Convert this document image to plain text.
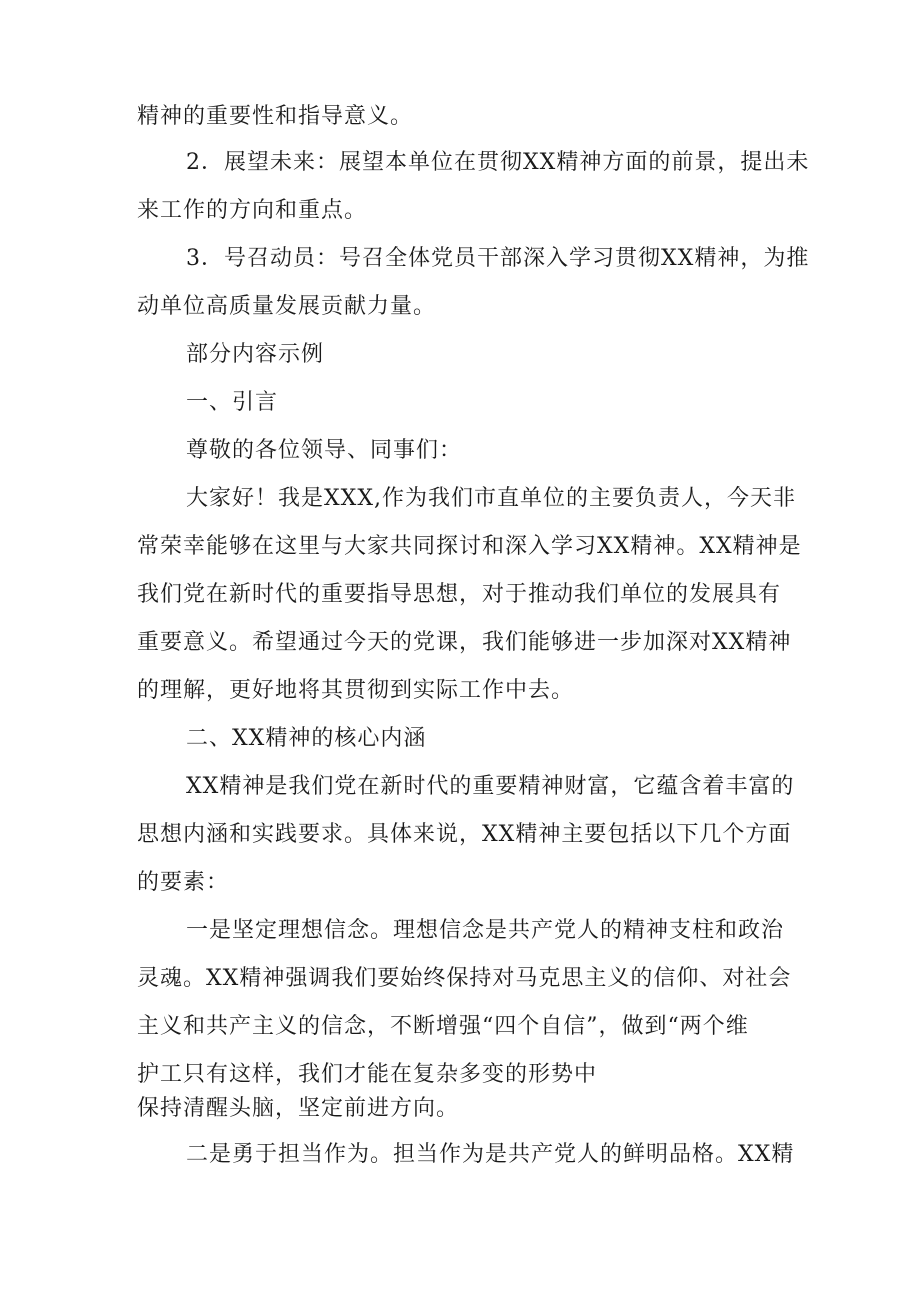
精神的重要性和指导意义。
2．展望未来：展望本单位在贯彻XX精神方面的前景，提出未
来工作的方向和重点。
3．号召动员：号召全体党员干部深入学习贯彻XX精神，为推
动单位高质量发展贡献力量。
部分内容示例
一、引言
尊敬的各位领导、同事们：
大家好！我是XXX,作为我们市直单位的主要负责人，今天非
常荣幸能够在这里与大家共同探讨和深入学习XX精神。XX精神是
我们党在新时代的重要指导思想，对于推动我们单位的发展具有
重要意义。希望通过今天的党课，我们能够进一步加深对XX精神
的理解，更好地将其贯彻到实际工作中去。
二、XX精神的核心内涵
XX精神是我们党在新时代的重要精神财富，它蕴含着丰富的
思想内涵和实践要求。具体来说，XX精神主要包括以下几个方面
的要素：
一是坚定理想信念。理想信念是共产党人的精神支柱和政治
灵魂。XX精神强调我们要始终保持对马克思主义的信仰、对社会
主义和共产主义的信念，不断增强“四个自信”，做到“两个维
护工只有这样，我们才能在复杂多变的形势中
保持清醒头脑，坚定前进方向。
二是勇于担当作为。担当作为是共产党人的鲜明品格。XX精
